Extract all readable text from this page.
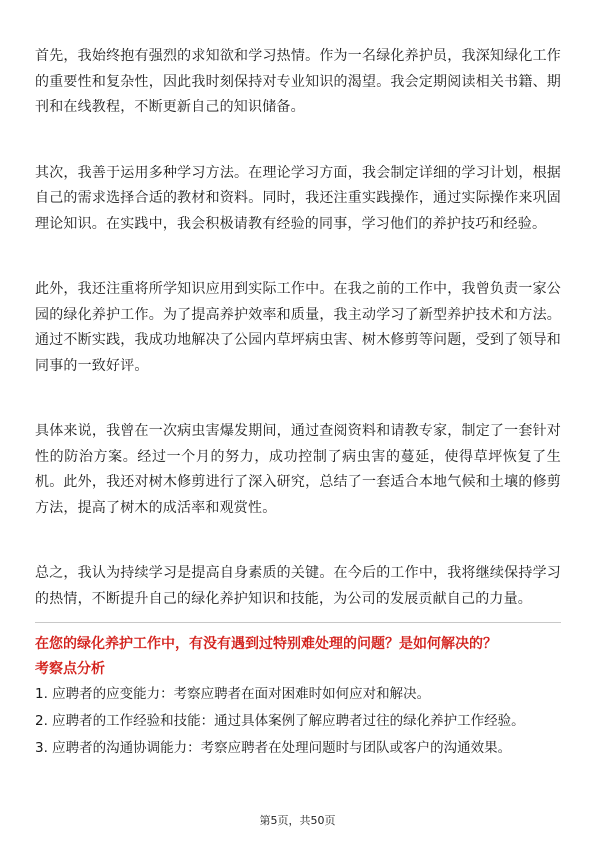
首先，我始终抱有强烈的求知欲和学习热情。作为一名绿化养护员，我深知绿化工作的重要性和复杂性，因此我时刻保持对专业知识的渴望。我会定期阅读相关书籍、期刊和在线教程，不断更新自己的知识储备。

其次，我善于运用多种学习方法。在理论学习方面，我会制定详细的学习计划，根据自己的需求选择合适的教材和资料。同时，我还注重实践操作，通过实际操作来巩固理论知识。在实践中，我会积极请教有经验的同事，学习他们的养护技巧和经验。

此外，我还注重将所学知识应用到实际工作中。在我之前的工作中，我曾负责一家公园的绿化养护工作。为了提高养护效率和质量，我主动学习了新型养护技术和方法。通过不断实践，我成功地解决了公园内草坪病虫害、树木修剪等问题，受到了领导和同事的一致好评。

具体来说，我曾在一次病虫害爆发期间，通过查阅资料和请教专家，制定了一套针对性的防治方案。经过一个月的努力，成功控制了病虫害的蔓延，使得草坪恢复了生机。此外，我还对树木修剪进行了深入研究，总结了一套适合本地气候和土壤的修剪方法，提高了树木的成活率和观赏性。

总之，我认为持续学习是提高自身素质的关键。在今后的工作中，我将继续保持学习的热情，不断提升自己的绿化养护知识和技能，为公司的发展贡献自己的力量。

在您的绿化养护工作中，有没有遇到过特别难处理的问题？是如何解决的？
考察点分析
1. 应聘者的应变能力：考察应聘者在面对困难时如何应对和解决。
2. 应聘者的工作经验和技能：通过具体案例了解应聘者过往的绿化养护工作经验。
3. 应聘者的沟通协调能力：考察应聘者在处理问题时与团队或客户的沟通效果。
第5页，共50页
